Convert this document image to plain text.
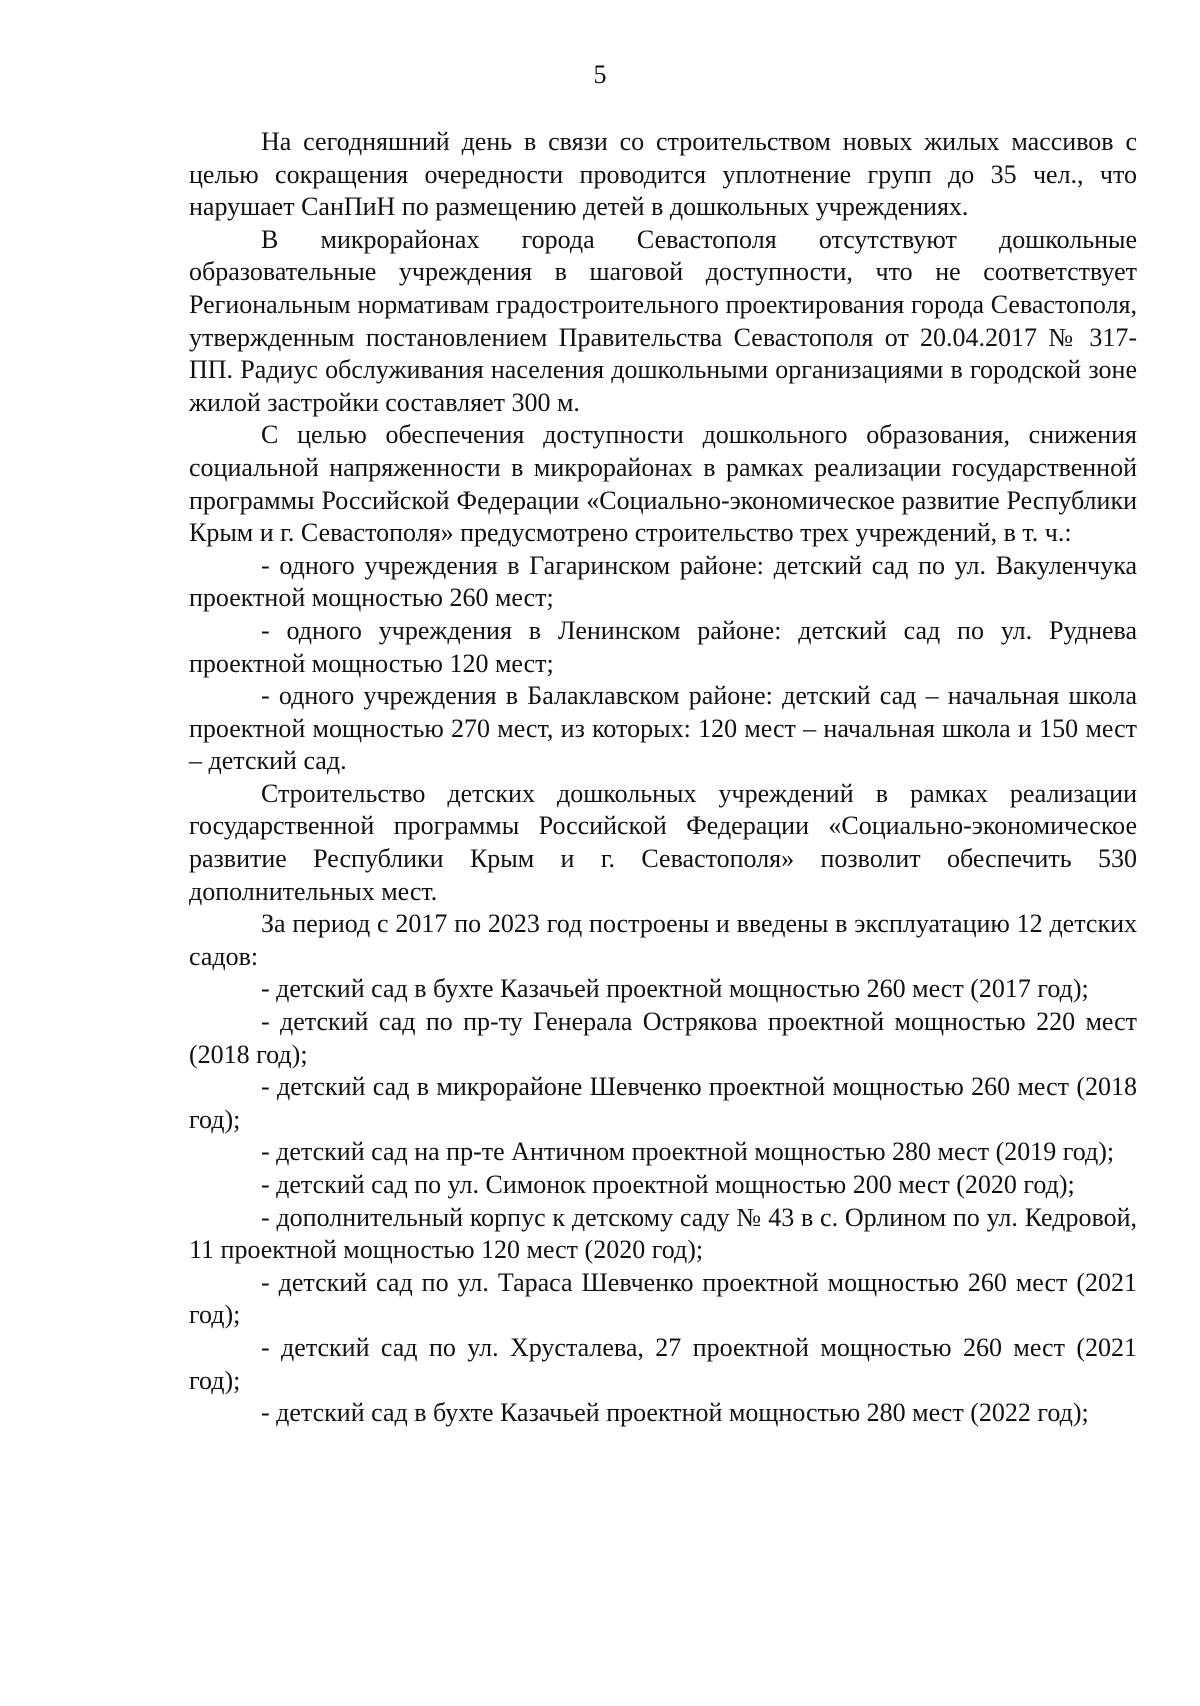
5

На сегодняшний день в связи со строительством новых жилых массивов с целью сокращения очередности проводится уплотнение групп до 35 чел., что нарушает СанПиН по размещению детей в дошкольных учреждениях.

В микрорайонах города Севастополя отсутствуют дошкольные образовательные учреждения в шаговой доступности, что не соответствует Региональным нормативам градостроительного проектирования города Севастополя, утвержденным постановлением Правительства Севастополя от 20.04.2017 № 317-ПП. Радиус обслуживания населения дошкольными организациями в городской зоне жилой застройки составляет 300 м.

С целью обеспечения доступности дошкольного образования, снижения социальной напряженности в микрорайонах в рамках реализации государственной программы Российской Федерации «Социально-экономическое развитие Республики Крым и г. Севастополя» предусмотрено строительство трех учреждений, в т. ч.:

- одного учреждения в Гагаринском районе: детский сад по ул. Вакуленчука проектной мощностью 260 мест;

- одного учреждения в Ленинском районе: детский сад по ул. Руднева проектной мощностью 120 мест;

- одного учреждения в Балаклавском районе: детский сад – начальная школа проектной мощностью 270 мест, из которых: 120 мест – начальная школа и 150 мест – детский сад.

Строительство детских дошкольных учреждений в рамках реализации государственной программы Российской Федерации «Социально-экономическое развитие Республики Крым и г. Севастополя» позволит обеспечить 530 дополнительных мест.

За период с 2017 по 2023 год построены и введены в эксплуатацию 12 детских садов:

- детский сад в бухте Казачьей проектной мощностью 260 мест (2017 год);

- детский сад по пр-ту Генерала Острякова проектной мощностью 220 мест (2018 год);

- детский сад в микрорайоне Шевченко проектной мощностью 260 мест (2018 год);

- детский сад на пр-те Античном проектной мощностью 280 мест (2019 год);

- детский сад по ул. Симонок проектной мощностью 200 мест (2020 год);

- дополнительный корпус к детскому саду № 43 в с. Орлином по ул. Кедровой, 11 проектной мощностью 120 мест (2020 год);

- детский сад по ул. Тараса Шевченко проектной мощностью 260 мест (2021 год);

- детский сад по ул. Хрусталева, 27 проектной мощностью 260 мест (2021 год);

- детский сад в бухте Казачьей проектной мощностью 280 мест (2022 год);
